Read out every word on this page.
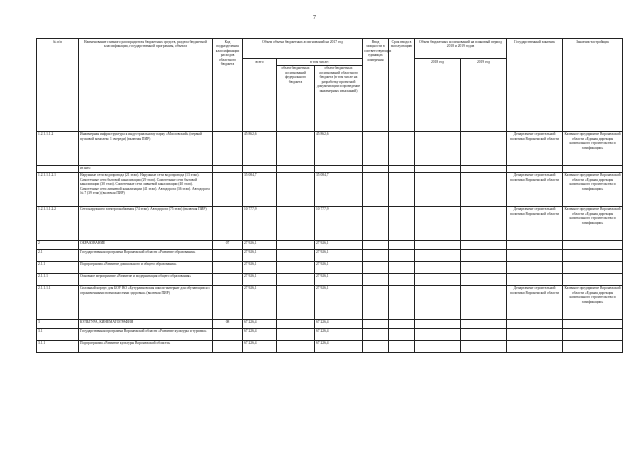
7
№ п/п	Наименование главного распорядителя бюджетных средств, раздела бюджетной классификации, государственной программы, объекта	Код подразделения классификации расходов областного бюджета	Объем объема бюджетных ассигнований на 2017 год			Ввод мощности в соответствующих единицах измерения	Срок ввода в эксплуатацию	Объем бюджетных ассигнований на плановый период 2018 и 2019 годов		Государственный заказчик	Заказчик-застройщик
			всего	в том числе:				2018 год	2019 год		
				объем бюджетных ассигнований федерального бюджета	объем бюджетных ассигнований областного бюджета (в том числе на разработку проектной документации и проведение инженерных изысканий)						
1.2.1.1.1.2	Инженерная инфраструктура к индустриальному парку «Масловский» (первый пусковой комплекс 1 очереди) (включая ПИР)		45 862,6		45 862,6					Департамент строительной политики Воронежской области	Казенное предприятие Воронежской области «Единая дирекция капитального строительства и газификации»
	из них:										
1.2.1.1.1.2.1	Наружные сети водопровода (21 этап). Наружные сети водопровода (13 этап). Самотечные сети бытовой канализации (29 этап). Самотечные сети бытовой канализации (30 этап). Самотечные сети ливневой канализации (40 этап). Самотечные сети ливневой канализации (41 этап). Автодорога (36 этап). Автодорога № 7 (39 этап) (включая ПИР)		35 084,7		35 084,7					Департамент строительной политики Воронежской области	Казенное предприятие Воронежской области «Единая дирекция капитального строительства и газификации»
1.2.1.1.1.2.2	Сети наружного электроснабжения (74 этап). Автодорога (75 этап) (включая ПИР)		10 777,9		10 777,9					Департамент строительной политики Воронежской области	Казенное предприятие Воронежской области «Единая дирекция капитального строительства и газификации»
2	ОБРАЗОВАНИЕ	07	27 926,1		27 926,1						
2.1	Государственная программа Воронежской области «Развитие образования»		27 926,1		27 926,1						
2.1.1	Подпрограмма «Развитие дошкольного и общего образования»		27 926,1		27 926,1						
2.1.1.1	Основное мероприятие «Развитие и модернизация общего образования»		27 926,1		27 926,1						
2.1.1.1.1	Спальный корпус для БОУ ВО «Бутурлиновская школа-интернат для обучающихся с ограниченными возможностями здоровья» (включая ПИР)		27 926,1		27 926,1					Департамент строительной политики Воронежской области	Казенное предприятие Воронежской области «Единая дирекция капитального строительства и газификации»
3	КУЛЬТУРА, КИНЕМАТОГРАФИЯ	08	67 226,4		67 226,4						
3.1	Государственная программа Воронежской области «Развитие культуры и туризма»		67 226,4		67 226,4						
3.1.1	Подпрограмма «Развитие культуры Воронежской области»		67 226,4		67 226,4						
